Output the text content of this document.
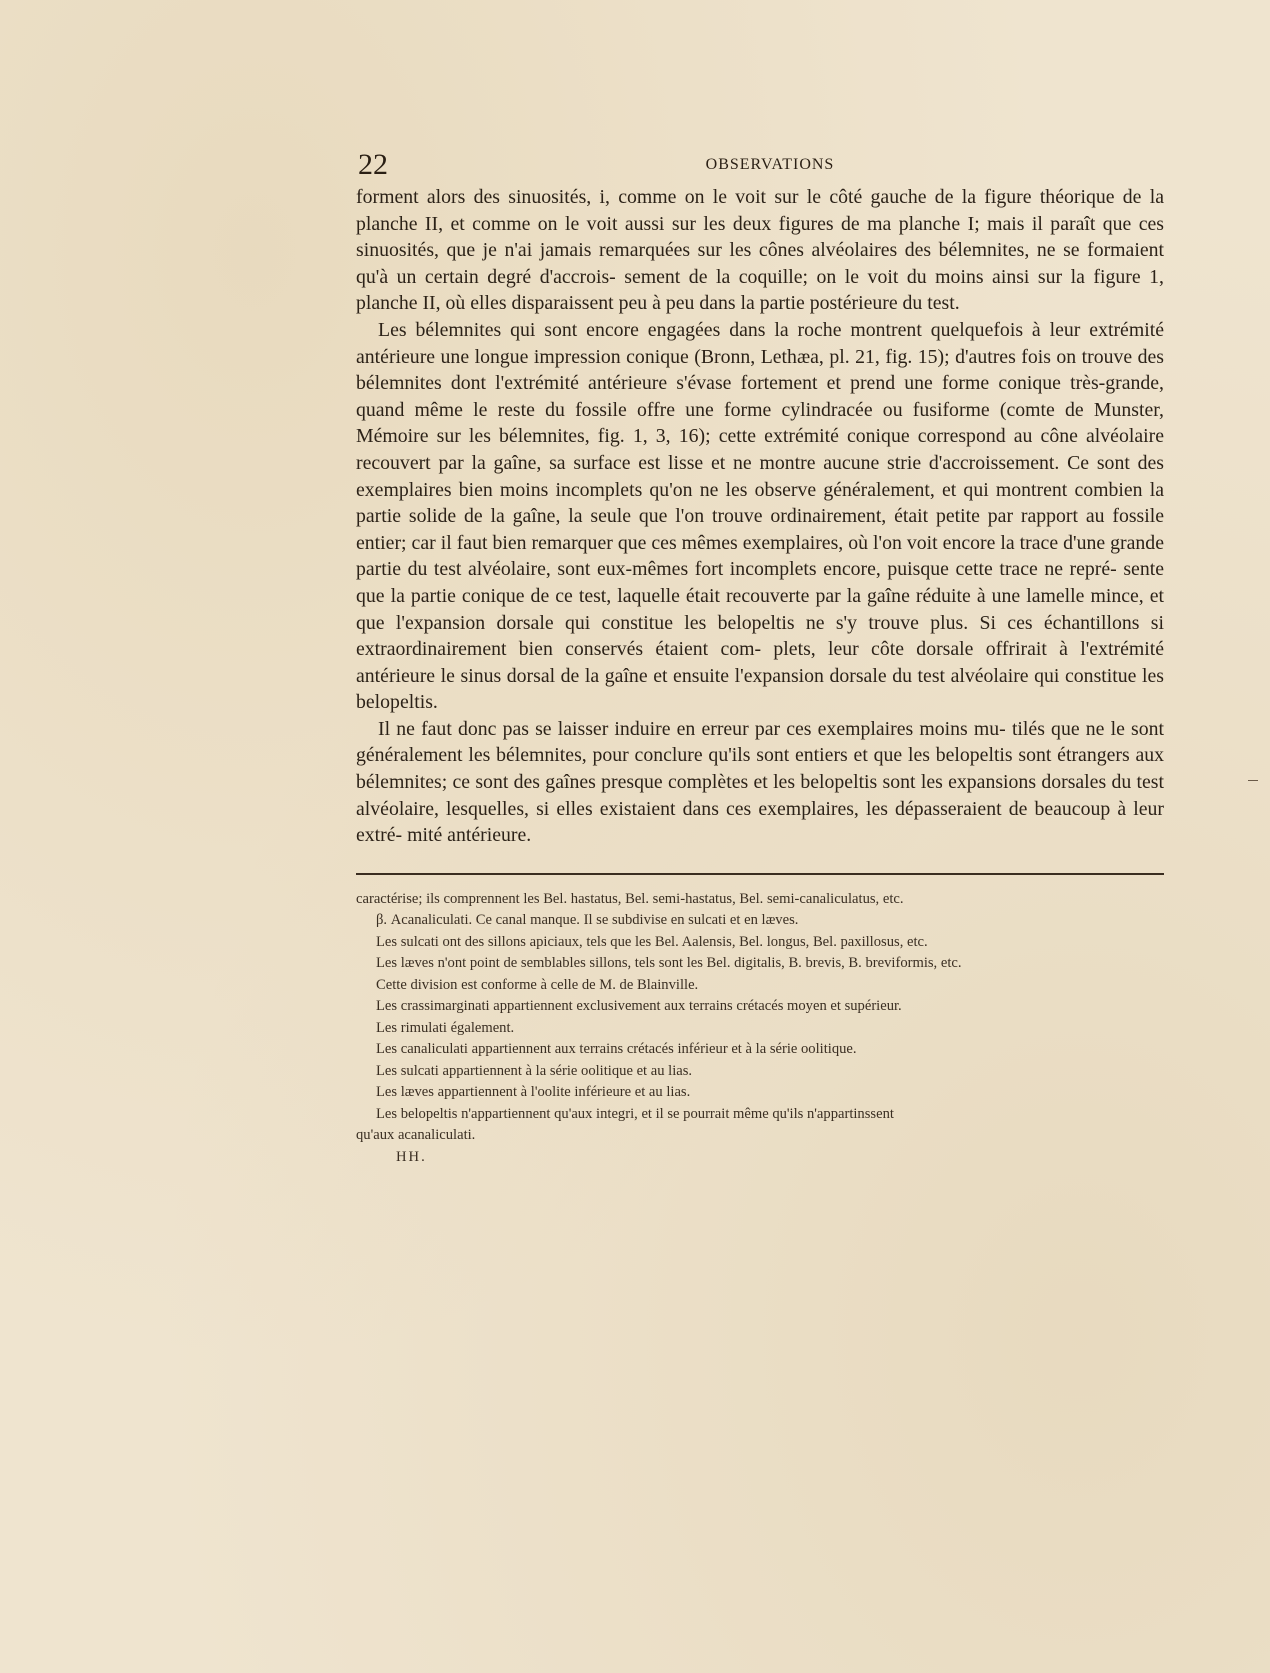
22	OBSERVATIONS

forment alors des sinuosités, i, comme on le voit sur le côté gauche de la figure théorique de la planche II, et comme on le voit aussi sur les deux figures de ma planche I; mais il paraît que ces sinuosités, que je n'ai jamais remarquées sur les cônes alvéolaires des bélemnites, ne se formaient qu'à un certain degré d'accrois- sement de la coquille; on le voit du moins ainsi sur la figure 1, planche II, où elles disparaissent peu à peu dans la partie postérieure du test.

Les bélemnites qui sont encore engagées dans la roche montrent quelquefois à leur extrémité antérieure une longue impression conique (Bronn, Lethæa, pl. 21, fig. 15); d'autres fois on trouve des bélemnites dont l'extrémité antérieure s'évase fortement et prend une forme conique très-grande, quand même le reste du fossile offre une forme cylindracée ou fusiforme (comte de Munster, Mémoire sur les bélemnites, fig. 1, 3, 16); cette extrémité conique correspond au cône alvéolaire recouvert par la gaîne, sa surface est lisse et ne montre aucune strie d'accroissement. Ce sont des exemplaires bien moins incomplets qu'on ne les observe généralement, et qui montrent combien la partie solide de la gaîne, la seule que l'on trouve ordinairement, était petite par rapport au fossile entier; car il faut bien remarquer que ces mêmes exemplaires, où l'on voit encore la trace d'une grande partie du test alvéolaire, sont eux-mêmes fort incomplets encore, puisque cette trace ne repré- sente que la partie conique de ce test, laquelle était recouverte par la gaîne réduite à une lamelle mince, et que l'expansion dorsale qui constitue les belopeltis ne s'y trouve plus. Si ces échantillons si extraordinairement bien conservés étaient com- plets, leur côte dorsale offrirait à l'extrémité antérieure le sinus dorsal de la gaîne et ensuite l'expansion dorsale du test alvéolaire qui constitue les belopeltis.

Il ne faut donc pas se laisser induire en erreur par ces exemplaires moins mu- tilés que ne le sont généralement les bélemnites, pour conclure qu'ils sont entiers et que les belopeltis sont étrangers aux bélemnites; ce sont des gaînes presque complètes et les belopeltis sont les expansions dorsales du test alvéolaire, lesquelles, si elles existaient dans ces exemplaires, les dépasseraient de beaucoup à leur extré- mité antérieure.

caractérise; ils comprennent les Bel. hastatus, Bel. semi-hastatus, Bel. semi-canaliculatus, etc.

β. Acanaliculati. Ce canal manque. Il se subdivise en sulcati et en læves.

Les sulcati ont des sillons apiciaux, tels que les Bel. Aalensis, Bel. longus, Bel. paxillosus, etc.

Les læves n'ont point de semblables sillons, tels sont les Bel. digitalis, B. brevis, B. breviformis, etc.

Cette division est conforme à celle de M. de Blainville.

Les crassimarginati appartiennent exclusivement aux terrains crétacés moyen et supérieur.

Les rimulati également.

Les canaliculati appartiennent aux terrains crétacés inférieur et à la série oolitique.

Les sulcati appartiennent à la série oolitique et au lias.

Les læves appartiennent à l'oolite inférieure et au lias.

Les belopeltis n'appartiennent qu'aux integri, et il se pourrait même qu'ils n'appartinssent

qu'aux acanaliculati.

HH.
